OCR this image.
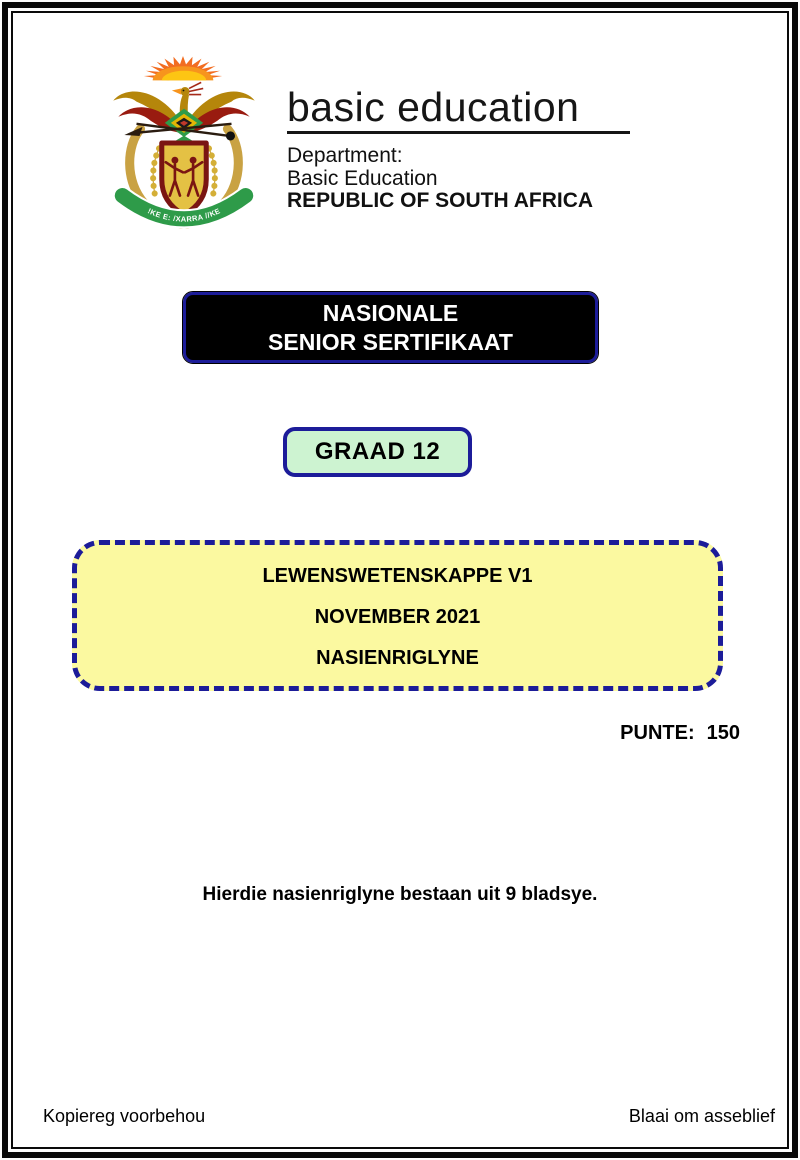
!KE E: /XARRA //KE
basic education
Department:
Basic Education
REPUBLIC OF SOUTH AFRICA
NASIONALE
SENIOR SERTIFIKAAT
GRAAD 12
LEWENSWETENSKAPPE V1
NOVEMBER 2021
NASIENRIGLYNE
PUNTE: 150
Hierdie nasienriglyne bestaan uit 9 bladsye.
Kopiereg voorbehou	Blaai om asseblief
